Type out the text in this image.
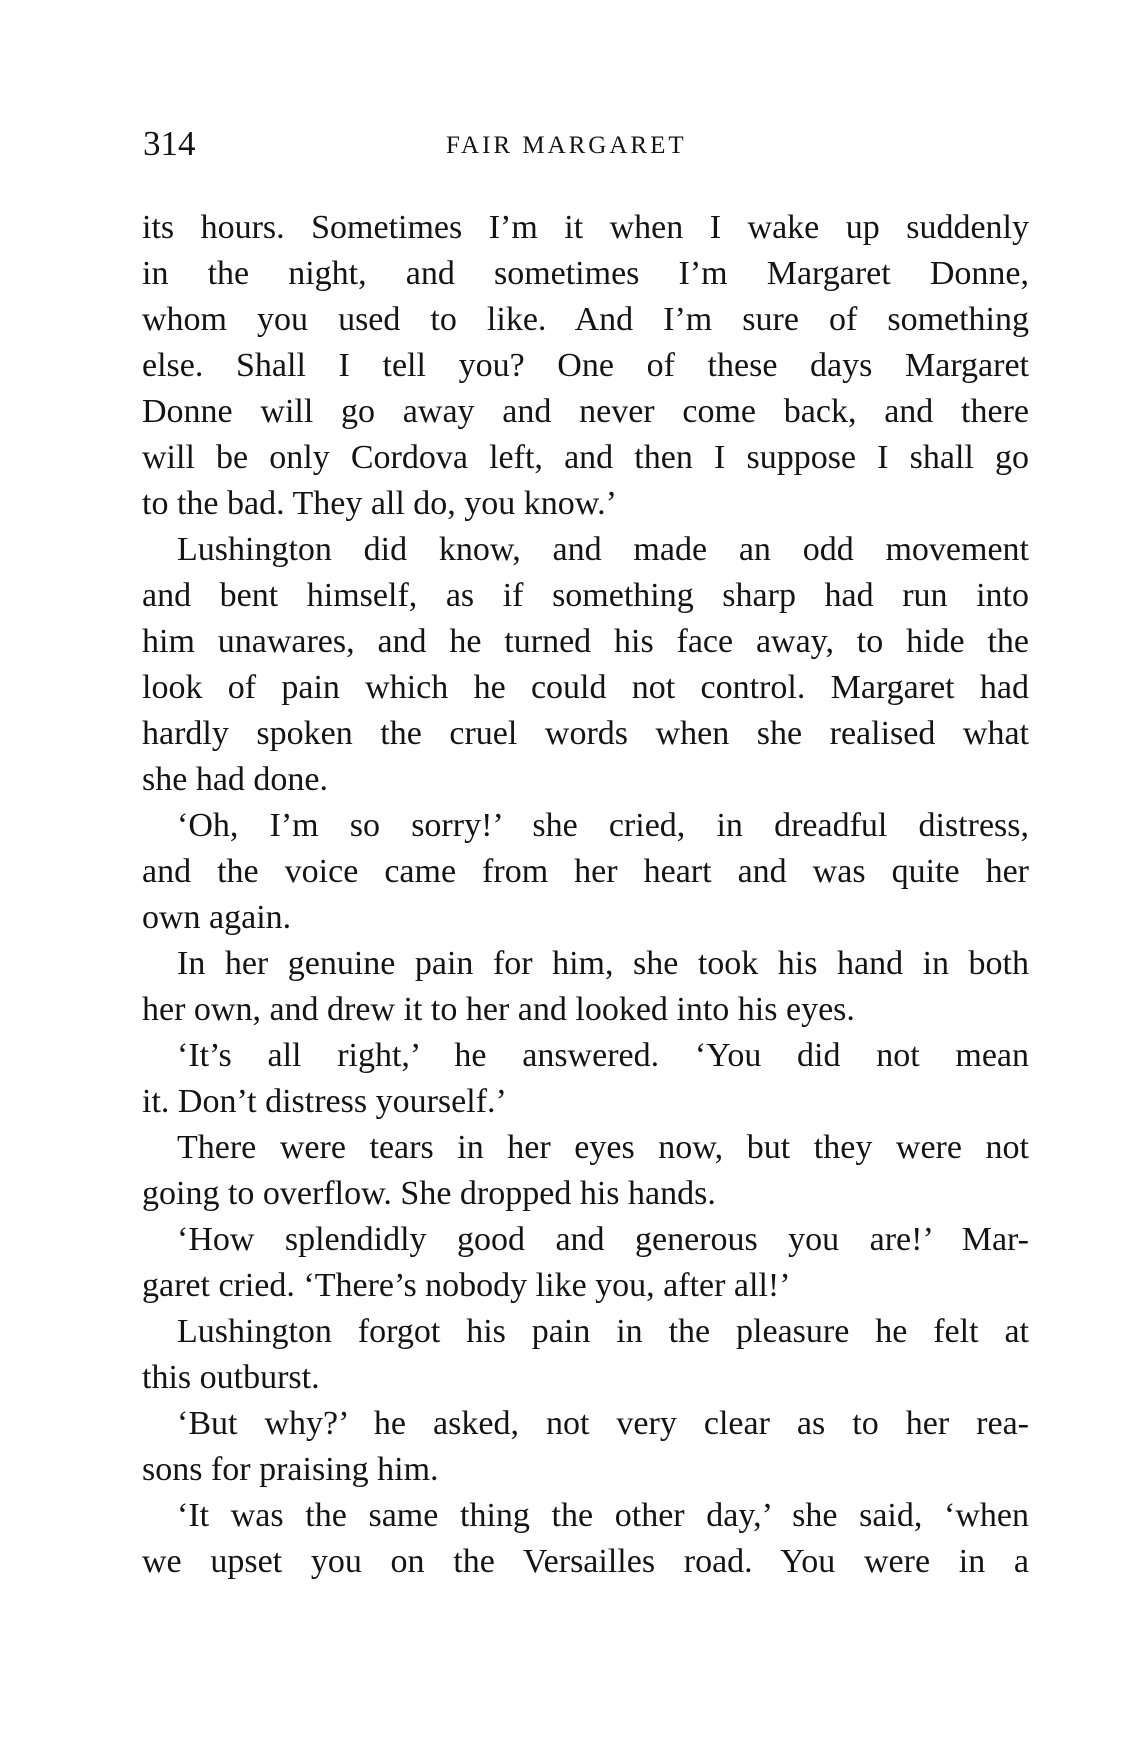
314	FAIR MARGARET
its hours. Sometimes I’m it when I wake up suddenly
in the night, and sometimes I’m Margaret Donne,
whom you used to like. And I’m sure of something
else. Shall I tell you? One of these days Margaret
Donne will go away and never come back, and there
will be only Cordova left, and then I suppose I shall go
to the bad. They all do, you know.’
Lushington did know, and made an odd movement
and bent himself, as if something sharp had run into
him unawares, and he turned his face away, to hide the
look of pain which he could not control. Margaret had
hardly spoken the cruel words when she realised what
she had done.
‘Oh, I’m so sorry!’ she cried, in dreadful distress,
and the voice came from her heart and was quite her
own again.
In her genuine pain for him, she took his hand in both
her own, and drew it to her and looked into his eyes.
‘It’s all right,’ he answered. ‘You did not mean
it. Don’t distress yourself.’
There were tears in her eyes now, but they were not
going to overflow. She dropped his hands.
‘How splendidly good and generous you are!’ Mar-
garet cried. ‘There’s nobody like you, after all!’
Lushington forgot his pain in the pleasure he felt at
this outburst.
‘But why?’ he asked, not very clear as to her rea-
sons for praising him.
‘It was the same thing the other day,’ she said, ‘when
we upset you on the Versailles road. You were in a
